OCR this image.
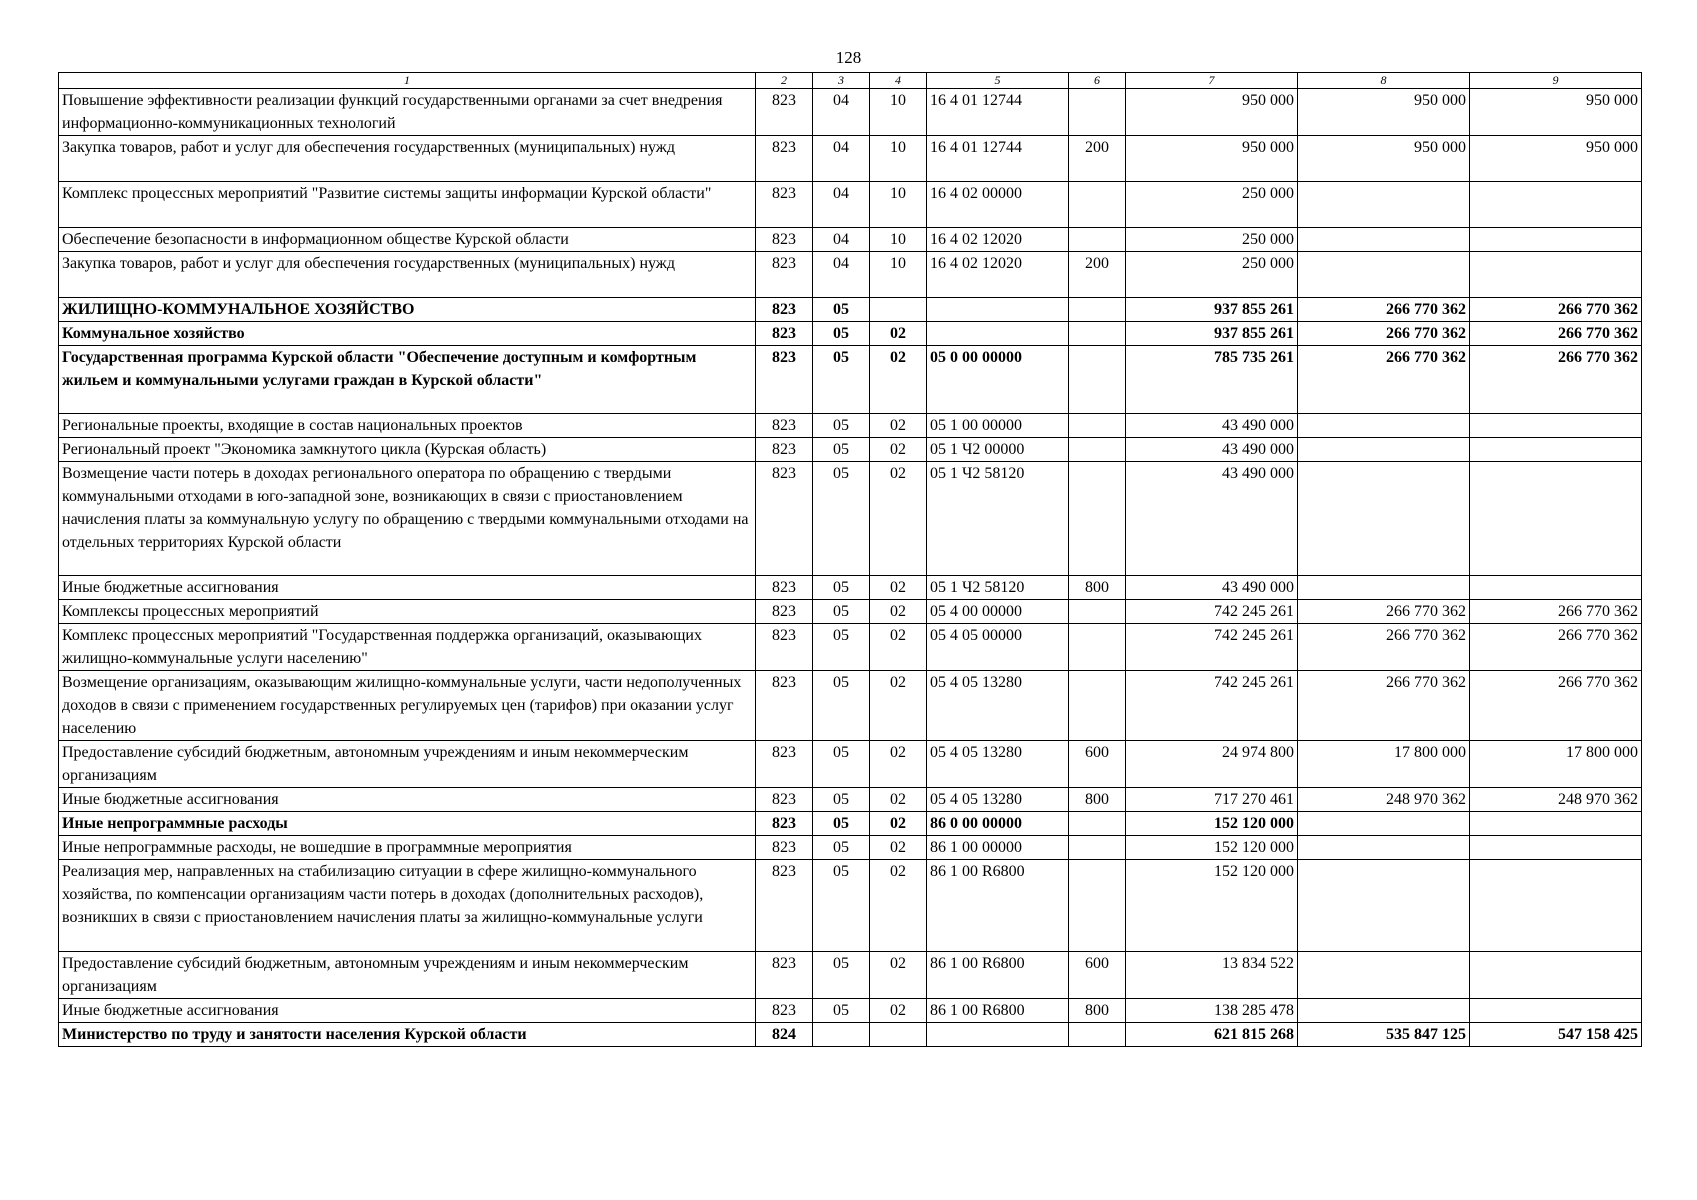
128
1	2	3	4	5	6	7	8	9
Повышение эффективности реализации функций государственными органами за счет внедрения информационно-коммуникационных технологий	823	04	10	16 4 01 12744		950 000	950 000	950 000
Закупка товаров, работ и услуг для обеспечения государственных (муниципальных) нужд	823	04	10	16 4 01 12744	200	950 000	950 000	950 000
Комплекс процессных мероприятий "Развитие системы защиты информации Курской области"	823	04	10	16 4 02 00000		250 000		
Обеспечение безопасности в информационном обществе Курской области	823	04	10	16 4 02 12020		250 000		
Закупка товаров, работ и услуг для обеспечения государственных (муниципальных) нужд	823	04	10	16 4 02 12020	200	250 000		
ЖИЛИЩНО-КОММУНАЛЬНОЕ ХОЗЯЙСТВО	823	05				937 855 261	266 770 362	266 770 362
Коммунальное хозяйство	823	05	02			937 855 261	266 770 362	266 770 362
Государственная программа Курской области "Обеспечение доступным и комфортным жильем и коммунальными услугами граждан в Курской области"	823	05	02	05 0 00 00000		785 735 261	266 770 362	266 770 362
Региональные проекты, входящие в состав национальных проектов	823	05	02	05 1 00 00000		43 490 000		
Региональный проект "Экономика замкнутого цикла (Курская область)	823	05	02	05 1 Ч2 00000		43 490 000		
Возмещение части потерь в доходах регионального оператора по обращению с твердыми коммунальными отходами в юго-западной зоне, возникающих в связи с приостановлением начисления платы за коммунальную услугу по обращению с твердыми коммунальными отходами на отдельных территориях Курской области	823	05	02	05 1 Ч2 58120		43 490 000		
Иные бюджетные ассигнования	823	05	02	05 1 Ч2 58120	800	43 490 000		
Комплексы процессных мероприятий	823	05	02	05 4 00 00000		742 245 261	266 770 362	266 770 362
Комплекс процессных мероприятий "Государственная поддержка организаций, оказывающих жилищно-коммунальные услуги населению"	823	05	02	05 4 05 00000		742 245 261	266 770 362	266 770 362
Возмещение организациям, оказывающим жилищно-коммунальные услуги, части недополученных доходов в связи с применением государственных регулируемых цен (тарифов) при оказании услуг населению	823	05	02	05 4 05 13280		742 245 261	266 770 362	266 770 362
Предоставление субсидий бюджетным, автономным учреждениям и иным некоммерческим организациям	823	05	02	05 4 05 13280	600	24 974 800	17 800 000	17 800 000
Иные бюджетные ассигнования	823	05	02	05 4 05 13280	800	717 270 461	248 970 362	248 970 362
Иные непрограммные расходы	823	05	02	86 0 00 00000		152 120 000		
Иные непрограммные расходы, не вошедшие в программные мероприятия	823	05	02	86 1 00 00000		152 120 000		
Реализация мер, направленных на стабилизацию ситуации в сфере жилищно-коммунального хозяйства, по компенсации организациям части потерь в доходах (дополнительных расходов), возникших в связи с приостановлением начисления платы за жилищно-коммунальные услуги	823	05	02	86 1 00 R6800		152 120 000		
Предоставление субсидий бюджетным, автономным учреждениям и иным некоммерческим организациям	823	05	02	86 1 00 R6800	600	13 834 522		
Иные бюджетные ассигнования	823	05	02	86 1 00 R6800	800	138 285 478		
Министерство по труду и занятости населения Курской области	824					621 815 268	535 847 125	547 158 425
